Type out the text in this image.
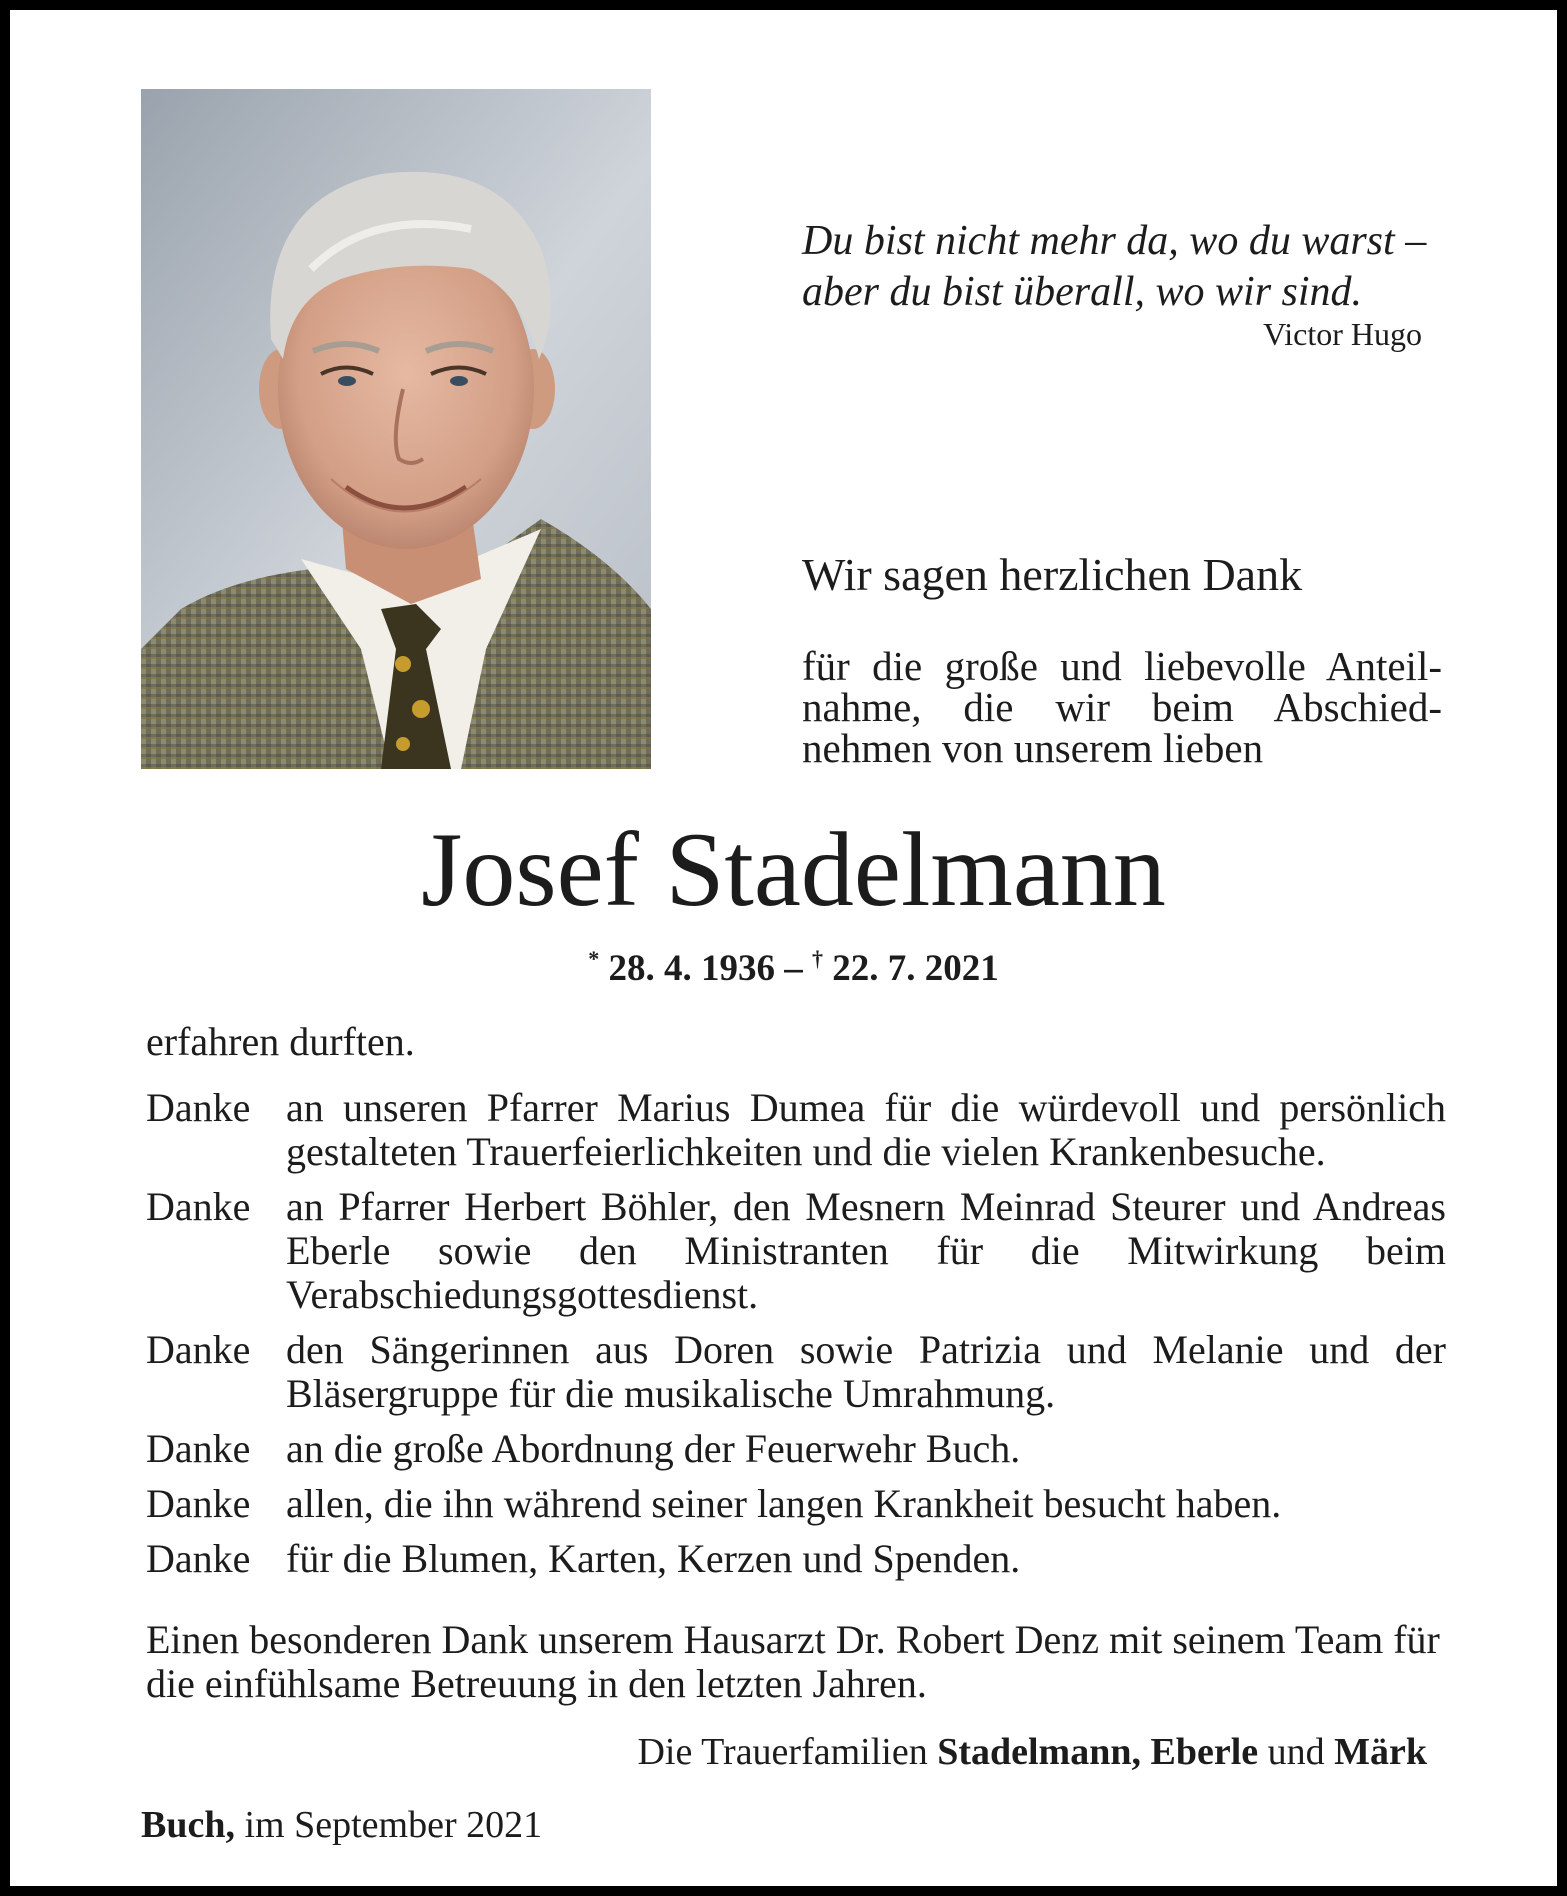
Du bist nicht mehr da, wo du warst –
aber du bist überall, wo wir sind.
Victor Hugo
Wir sagen herzlichen Dank
für die große und liebevolle Anteil-
nahme, die wir beim Abschied-
nehmen von unserem lieben
Josef Stadelmann
* 28. 4. 1936 – † 22. 7. 2021
erfahren durften.
Danke an unseren Pfarrer Marius Dumea für die würdevoll und persönlich gestalteten Trauerfeierlichkeiten und die vielen Krankenbesuche.
Danke an Pfarrer Herbert Böhler, den Mesnern Meinrad Steurer und Andreas Eberle sowie den Ministranten für die Mitwirkung beim Verabschiedungsgottesdienst.
Danke den Sängerinnen aus Doren sowie Patrizia und Melanie und der Bläsergruppe für die musikalische Umrahmung.
Danke an die große Abordnung der Feuerwehr Buch.
Danke allen, die ihn während seiner langen Krankheit besucht haben.
Danke für die Blumen, Karten, Kerzen und Spenden.
Einen besonderen Dank unserem Hausarzt Dr. Robert Denz mit seinem Team für die einfühlsame Betreuung in den letzten Jahren.
Die Trauerfamilien Stadelmann, Eberle und Märk
Buch, im September 2021
